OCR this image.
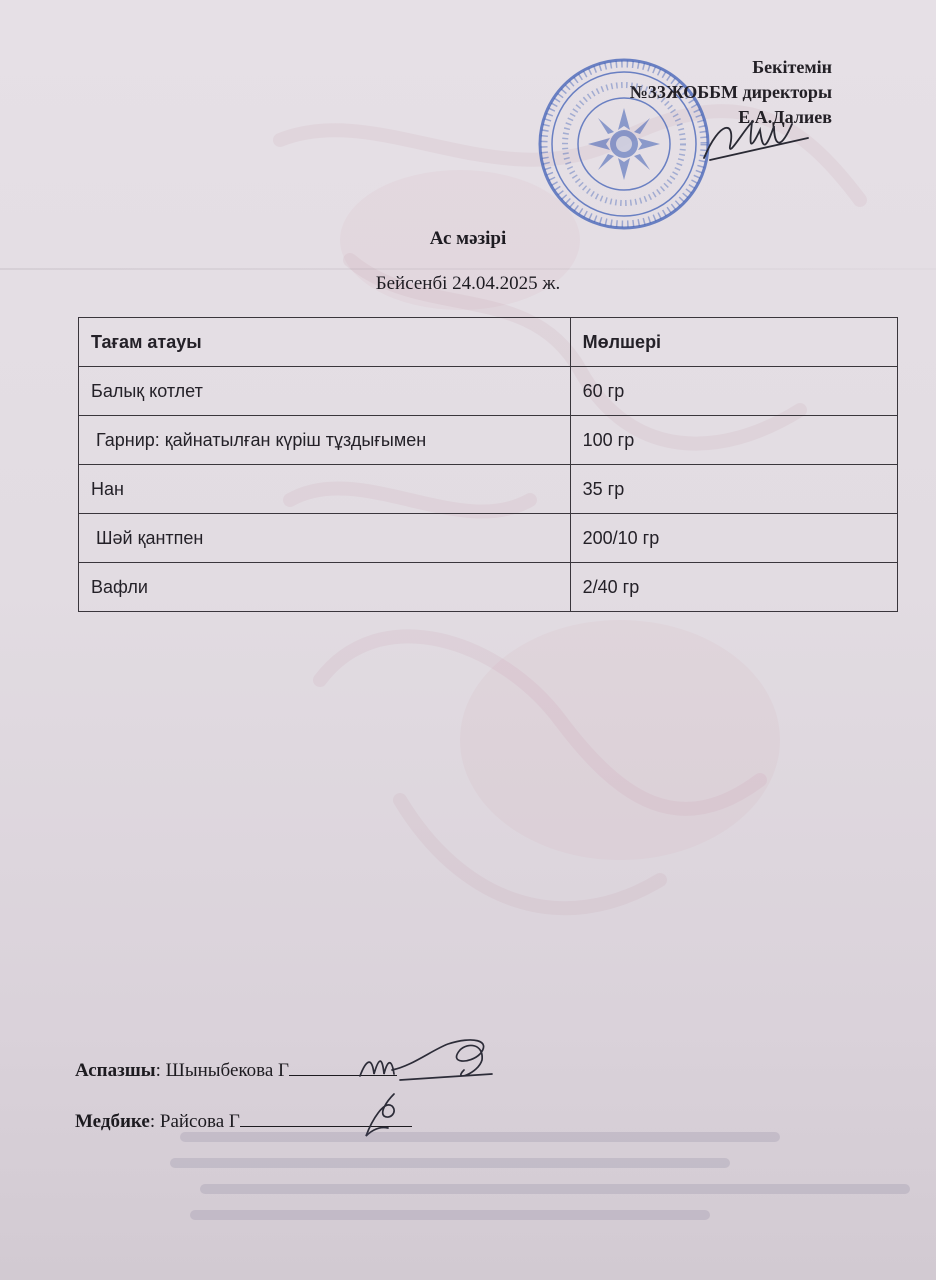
Бекітемін
№33ЖОББМ директоры
Е.А.Далиев
Ас мәзірі
Бейсенбі 24.04.2025 ж.
Тағам атауы	Мөлшері
Балық котлет	60 гр
Гарнир: қайнатылған күріш тұздығымен	100 гр
Нан	35 гр
Шәй қантпен	200/10 гр
Вафли	2/40 гр
Аспазшы: Шыныбекова Г
Медбике: Райсова Г
